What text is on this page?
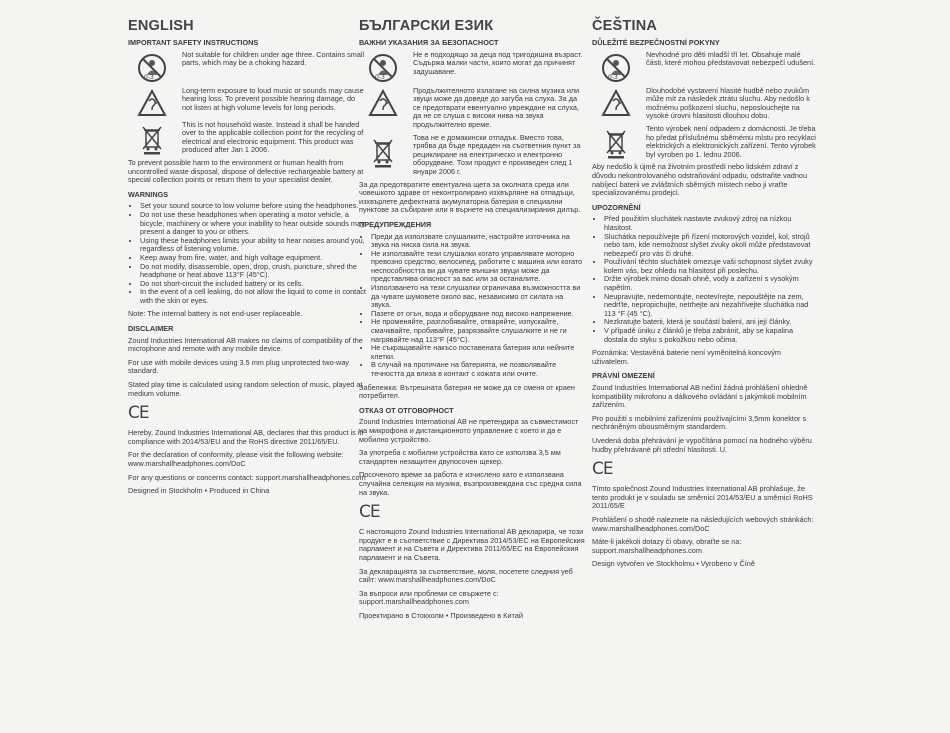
ENGLISH
IMPORTANT SAFETY INSTRUCTIONS
0-3
Not suitable for children under age three. Contains small parts, which may be a choking hazard.
Long-term exposure to loud music or sounds may cause hearing loss. To prevent possible hearing damage, do not listen at high volume levels for long periods.
This is not household waste. Instead it shall be handed over to the applicable collection point for the recycling of electrical and electronic equipment. This product was produced after Jan 1 2006.

To prevent possible harm to the environment or human health from uncontrolled waste disposal, dispose of defective rechargeable battery at special collection points or return them to your specialist dealer.

WARNINGS
• Set your sound source to low volume before using the headphones.
• Do not use these headphones when operating a motor vehicle, a bicycle, machinery or where your inability to hear outside sounds may present a danger to you or others.
• Using these headphones limits your ability to hear noises around you, regardless of listening volume.
• Keep away from fire, water, and high voltage equipment.
• Do not modify, disassemble, open, drop, crush, puncture, shred the headphone or heat above 113°F (45°C).
• Do not short-circuit the included battery or its cells.
• In the event of a cell leaking, do not allow the liquid to come in contact with the skin or eyes.

Note: The internal battery is not end-user replaceable.

DISCLAIMER

Zound Industries International AB makes no claims of compatibility of the microphone and remote with any mobile device.

For use with mobile devices using 3.5 mm plug unprotected two-way standard.

Stated play time is calculated using random selection of music, played at medium volume.

CE

Hereby, Zound Industries International AB, declares that this product is in compliance with 2014/53/EU and the RoHS directive 2011/65/EU.

For the declaration of conformity, please visit the following website: www.marshallheadphones.com/DoC

For any questions or concerns contact: support.marshallheadphones.com

Designed in Stockholm • Produced in China

БЪЛГАРСКИ ЕЗИК
ВАЖНИ УКАЗАНИЯ ЗА БЕЗОПАСНОСТ
0-3
Не е подходящо за деца под тригодишна възраст. Съдържа малки части, които могат да причинят задушаване.
Продължителното излагане на силна музика или звуци може да доведе до загуба на слуха. За да се предотврати евентуално увреждане на слуха, да не се слуша с високи нива на звука продължително време.
Това не е домакински отпадък. Вместо това, трябва да бъде предаден на съответния пункт за рециклиране на електрическо и електронно оборудване. Този продукт е произведен след 1 януари 2006 г.

За да предотвратите евентуална щета за околната среда или човешкото здраве от неконтролирано изхвърляне на отпадъци, изхвърлете дефектната акумулаторна батерия в специални пунктове за събиране или я върнете на специализирания дилър.

ПРЕДУПРЕЖДЕНИЯ
• Преди да използвате слушалките, настройте източника на звука на ниска сила на звука.
• Не използвайте тези слушалки когато управлявате моторно превозно средство, велосипед, работите с машина или когато неспособността ви да чувате външни звуци може да представлява опасност за вас или за останалите.
• Използването на тези слушалки ограничава възможността ви да чувате шумовете около вас, независимо от силата на звука.
• Пазете от огън, вода и оборудване под високо напрежение.
• Не променяйте, разглобявайте, отваряйте, изпускайте, смачквайте, пробивайте, разрязвайте слушалките и не ги нагрявайте над 113°F (45°C).
• Не съкращавайте накъсо поставената батерия или нейните клетки.
• В случай на протичане на батерията, не позволявайте течността да влиза в контакт с кожата или очите.

Забележка: Вътрешната батерия не може да се сменя от краен потребител.

ОТКАЗ ОТ ОТГОВОРНОСТ

Zound Industries International AB не претендира за съвместимост на микрофона и дистанционното управление с което и да е мобилно устройство.

За употреба с мобилни устройства като се използва 3,5 мм стандартен незащитен двупосочен щекер.

Посоченото време за работа е изчислено като е използвана случайна селекция на музика, възпроизвеждана със средна сила на звука.

CE

С настоящото Zound Industries International AB декларира, че този продукт е в съответствие с Директива 2014/53/ЕС на Европейския парламент и на Съвета и Директива 2011/65/ЕС на Европейския парламент и на Съвета.

За декларацията за съответствие, моля, посетете следния уеб сайт: www.marshallheadphones.com/DoC

За въпроси или проблеми се свържете с: support.marshallheadphones.com

Проектирано в Стокхолм • Произведено в Китай

ČEŠTINA
DŮLEŽITÉ BEZPEČNOSTNÍ POKYNY
0-3
Nevhodné pro děti mladší tří let. Obsahuje malé části, které mohou představovat nebezpečí udušení.
Dlouhodobé vystavení hlasité hudbě nebo zvukům může mít za následek ztrátu sluchu. Aby nedošlo k možnému poškození sluchu, neposlouchejte na vysoké úrovni hlasitosti dlouhou dobu.
Tento výrobek není odpadem z domácnosti. Je třeba ho předat příslušnému sběrnému místu pro recyklaci elektrických a elektronických zařízení. Tento výrobek byl vyroben po 1. lednu 2006.

Aby nedošlo k újmě na životním prostředí nebo lidském zdraví z důvodu nekontrolovaného odstraňování odpadu, odstraňte vadnou nabíjecí baterii ve zvláštních sběrných místech nebo ji vraťte specializovanému prodejci.

UPOZORNĚNÍ
• Před použitím sluchátek nastavte zvukový zdroj na nízkou hlasitost.
• Sluchátka nepoužívejte při řízení motorových vozidel, kol, strojů nebo tam, kde nemožnost slyšet zvuky okolí může představovat nebezpečí pro vás či druhé.
• Používání těchto sluchátek omezuje vaši schopnost slyšet zvuky kolem vás, bez ohledu na hlasitost při poslechu.
• Držte výrobek mimo dosah ohně, vody a zařízení s vysokým napětím.
• Neupravujte, nedemontujte, neotevírejte, nepouštějte na zem, nedrťte, nepropichujte, netrhejte ani nezahřívejte sluchátka nad 113 °F (45 °C).
• Nezkratujte baterii, která je součástí balení, ani její články.
• V případě úniku z článků je třeba zabránit, aby se kapalina dostala do styku s pokožkou nebo očima.

Poznámka: Vestavěná baterie není vyměnitelná koncovým uživatelem.

PRÁVNÍ OMEZENÍ

Zound Industries International AB nečiní žádná prohlášení ohledně kompatibility mikrofonu a dálkového ovládání s jakýmkoli mobilním zařízením.

Pro použití s mobilními zařízeními používajícími 3,5mm konektor s nechráněným obousměrným standardem.

Uvedená doba přehrávání je vypočítána pomocí na hodného výběru hudby přehrávané při střední hlasitosti. U.

CE

Tímto společnost Zound Industries International AB prohlašuje, že tento produkt je v souladu se směrnicí 2014/53/EU a směrnicí RoHS 2011/65/E

Prohlášení o shodě naleznete na následujících webových stránkách: www.marshallheadphones.com/DoC

Máte-li jakékoli dotazy či obavy, obraťte se na: support.marshallheadphones.com

Design vytvořen ve Stockholmu • Vyrobeno v Číně
